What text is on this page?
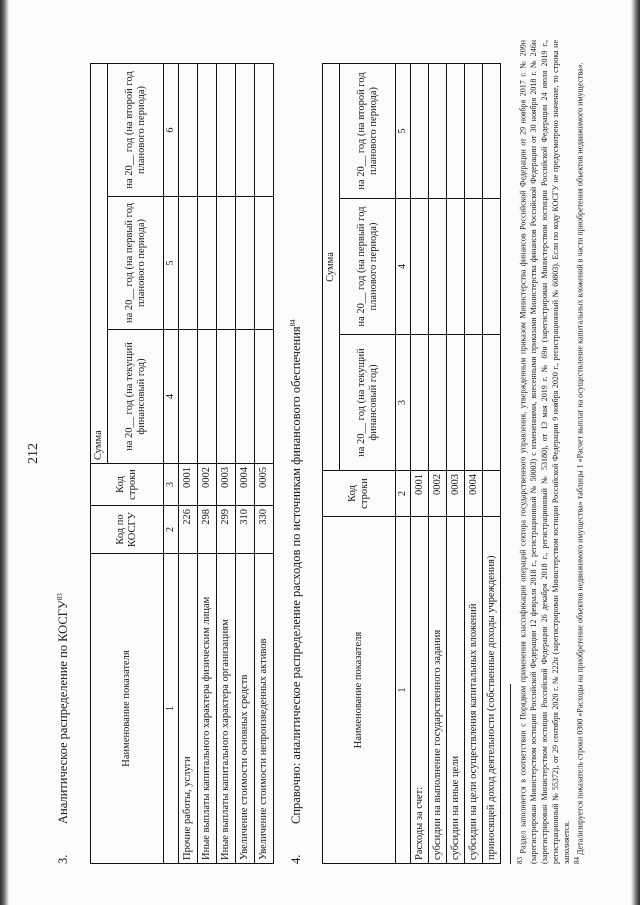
212
3.Аналитическое распределение по КОСГУ$^{83}$
Наименование показателя	Код по КОСГУ	Код строки	Сумма		
			на 20__ год (на текущий финансовый год)	на 20__ год (на первый год планового периода)	на 20__ год (на второй год планового периода)
1	2	3	4	5	6
Прочие работы, услуги	226	0001			
Иные выплаты капитального характера физическим лицам	298	0002			
Иные выплаты капитального характера организациям	299	0003			
Увеличение стоимости основных средств	310	0004			
Увеличение стоимости непроизведенных активов	330	0005			
4.Справочно: аналитическое распределение расходов по источникам финансового обеспечения$^{84}$
Наименование показателя	Код строки	Сумма		
		на 20__ год (на текущий финансовый год)	на 20__ год (на первый год планового периода)	на 20__ год (на второй год планового периода)
1	2	3	4	5
Расходы за счет:	0001			
субсидии на выполнение государственного задания	0002			
субсидии на иные цели	0003			
субсидии на цели осуществления капитальных вложений	0004			
приносящей доход деятельности (собственные доходы учреждения)				
$^{83}$ Раздел заполняется в соответствии с Порядком применения классификации операций сектора государственного управления, утвержденным приказом Министерства финансов Российской Федерации от 29 ноября 2017 г. № 209н (зарегистрирован Министерством юстиции Российской Федерации 12 февраля 2018 г., регистрационный № 50003) с изменениями, внесенными приказами Министерства финансов Российской Федерации от 30 ноября 2018 г. № 246н (зарегистрирован Министерством юстиции Российской Федерации 26 декабря 2018 г., регистрационный № 53180), от 13 мая 2019 г. № 69н (зарегистрирован Министерством юстиции Российской Федерации 24 июля 2019 г., регистрационный № 55372), от 29 сентября 2020 г. № 222н (зарегистрирован Министерством юстиции Российской Федерации 9 ноября 2020 г., регистрационный № 60803). Если по коду КОСГУ не предусмотрено значение, то строка не заполняется. $^{84}$ Детализируется показатель строки 0300 «Расходы на приобретение объектов недвижимого имущества» таблицы 1 «Расчет выплат на осуществление капитальных вложений в части приобретения объектов недвижимого имущества».
